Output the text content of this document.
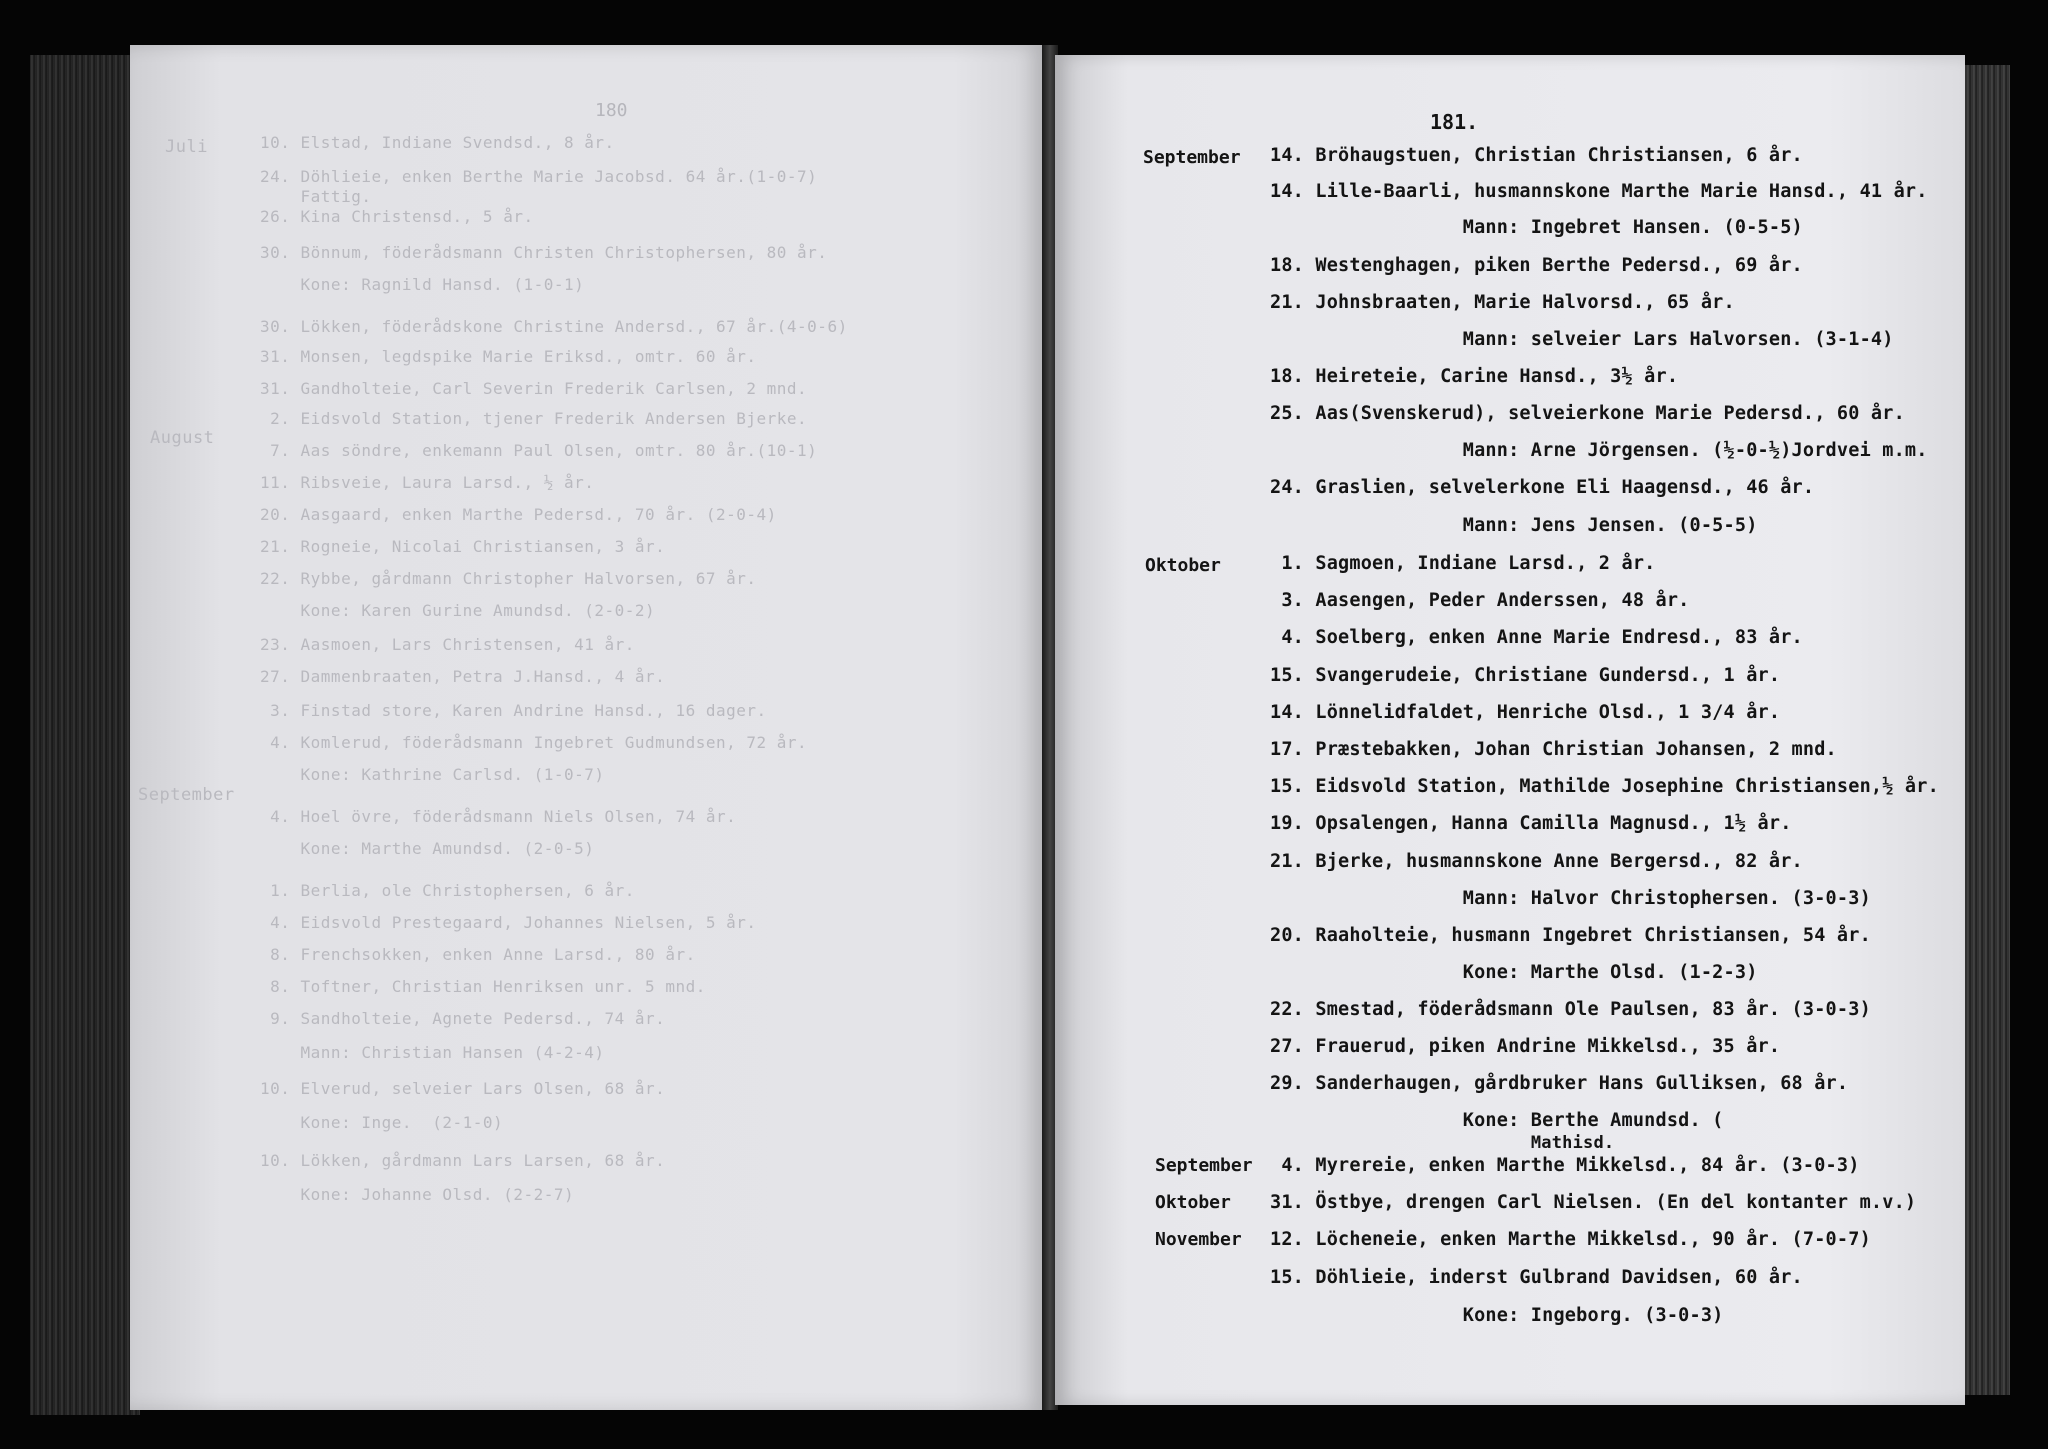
180
Juli
August
September
10. Elstad, Indiane Svendsd., 8 år.
24. Döhlieie, enken Berthe Marie Jacobsd. 64 år.(1-0-7)
Fattig.
26. Kina Christensd., 5 år.
30. Bönnum, föderådsmann Christen Christophersen, 80 år.
Kone: Ragnild Hansd. (1-0-1)
30. Lökken, föderådskone Christine Andersd., 67 år.(4-0-6)
31. Monsen, legdspike Marie Eriksd., omtr. 60 år.
31. Gandholteie, Carl Severin Frederik Carlsen, 2 mnd.
2. Eidsvold Station, tjener Frederik Andersen Bjerke.
7. Aas söndre, enkemann Paul Olsen, omtr. 80 år.(10-1)
11. Ribsveie, Laura Larsd., ½ år.
20. Aasgaard, enken Marthe Pedersd., 70 år. (2-0-4)
21. Rogneie, Nicolai Christiansen, 3 år.
22. Rybbe, gårdmann Christopher Halvorsen, 67 år.
Kone: Karen Gurine Amundsd. (2-0-2)
23. Aasmoen, Lars Christensen, 41 år.
27. Dammenbraaten, Petra J.Hansd., 4 år.
3. Finstad store, Karen Andrine Hansd., 16 dager.
4. Komlerud, föderådsmann Ingebret Gudmundsen, 72 år.
Kone: Kathrine Carlsd. (1-0-7)
4. Hoel övre, föderådsmann Niels Olsen, 74 år.
Kone: Marthe Amundsd. (2-0-5)
1. Berlia, ole Christophersen, 6 år.
4. Eidsvold Prestegaard, Johannes Nielsen, 5 år.
8. Frenchsokken, enken Anne Larsd., 80 år.
8. Toftner, Christian Henriksen unr. 5 mnd.
9. Sandholteie, Agnete Pedersd., 74 år.
Mann: Christian Hansen (4-2-4)
10. Elverud, selveier Lars Olsen, 68 år.
Kone: Inge.  (2-1-0)
10. Lökken, gårdmann Lars Larsen, 68 år.
Kone: Johanne Olsd. (2-2-7)
181.
September
Oktober
September
Oktober
November
14. Bröhaugstuen, Christian Christiansen, 6 år.
14. Lille-Baarli, husmannskone Marthe Marie Hansd., 41 år.
Mann: Ingebret Hansen. (0-5-5)
18. Westenghagen, piken Berthe Pedersd., 69 år.
21. Johnsbraaten, Marie Halvorsd., 65 år.
Mann: selveier Lars Halvorsen. (3-1-4)
18. Heireteie, Carine Hansd., 3½ år.
25. Aas(Svenskerud), selveierkone Marie Pedersd., 60 år.
Mann: Arne Jörgensen. (½-0-½)Jordvei m.m.
24. Graslien, selvelerkone Eli Haagensd., 46 år.
Mann: Jens Jensen. (0-5-5)
1. Sagmoen, Indiane Larsd., 2 år.
3. Aasengen, Peder Anderssen, 48 år.
4. Soelberg, enken Anne Marie Endresd., 83 år.
15. Svangerudeie, Christiane Gundersd., 1 år.
14. Lönnelidfaldet, Henriche Olsd., 1 3/4 år.
17. Præstebakken, Johan Christian Johansen, 2 mnd.
15. Eidsvold Station, Mathilde Josephine Christiansen,½ år.
19. Opsalengen, Hanna Camilla Magnusd., 1½ år.
21. Bjerke, husmannskone Anne Bergersd., 82 år.
Mann: Halvor Christophersen. (3-0-3)
20. Raaholteie, husmann Ingebret Christiansen, 54 år.
Kone: Marthe Olsd. (1-2-3)
22. Smestad, föderådsmann Ole Paulsen, 83 år. (3-0-3)
27. Frauerud, piken Andrine Mikkelsd., 35 år.
29. Sanderhaugen, gårdbruker Hans Gulliksen, 68 år.
Kone: Berthe Amundsd. (
Mathisd.
4. Myrereie, enken Marthe Mikkelsd., 84 år. (3-0-3)
31. Östbye, drengen Carl Nielsen. (En del kontanter m.v.)
12. Löcheneie, enken Marthe Mikkelsd., 90 år. (7-0-7)
15. Döhlieie, inderst Gulbrand Davidsen, 60 år.
Kone: Ingeborg. (3-0-3)
